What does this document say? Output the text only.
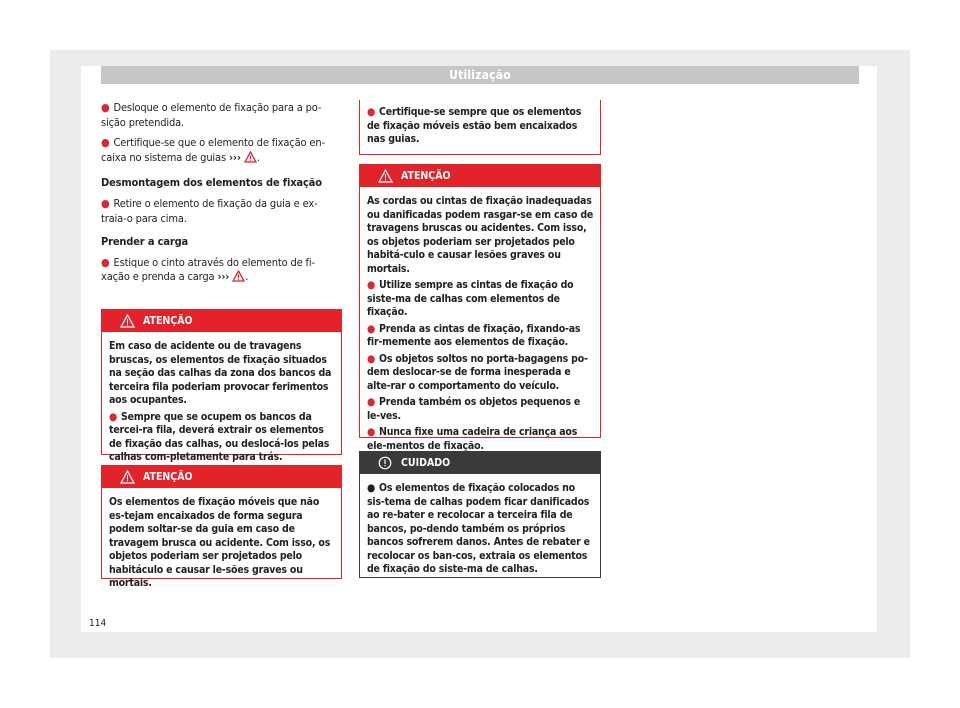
Utilização

● Desloque o elemento de fixação para a po-

sição pretendida.

● Certifique-se que o elemento de fixação en-

caixa no sistema de guias ››› .

Desmontagem dos elementos de fixação

● Retire o elemento de fixação da guia e ex-

traia-o para cima.

Prender a carga

● Estique o cinto através do elemento de fi-

xação e prenda a carga ››› .

ATENÇÃO

Em caso de acidente ou de travagens bruscas, os elementos de fixação situados na seção das calhas da zona dos bancos da terceira fila poderiam provocar ferimentos aos ocupantes.

● Sempre que se ocupem os bancos da tercei-ra fila, deverá extrair os elementos de fixação das calhas, ou deslocá-los pelas calhas com-pletamente para trás.

ATENÇÃO

Os elementos de fixação móveis que não es-tejam encaixados de forma segura podem soltar-se da guia em caso de travagem brusca ou acidente. Com isso, os objetos poderiam ser projetados pelo habitáculo e causar le-sões graves ou mortais.

● Certifique-se sempre que os elementos de fixação móveis estão bem encaixados nas guias.

ATENÇÃO

As cordas ou cintas de fixação inadequadas ou danificadas podem rasgar-se em caso de travagens bruscas ou acidentes. Com isso, os objetos poderiam ser projetados pelo habitá-culo e causar lesões graves ou mortais.

● Utilize sempre as cintas de fixação do siste-ma de calhas com elementos de fixação.

● Prenda as cintas de fixação, fixando-as fir-memente aos elementos de fixação.

● Os objetos soltos no porta-bagagens po-dem deslocar-se de forma inesperada e alte-rar o comportamento do veículo.

● Prenda também os objetos pequenos e le-ves.

● Nunca fixe uma cadeira de criança aos ele-mentos de fixação.

CUIDADO

● Os elementos de fixação colocados no sis-tema de calhas podem ficar danificados ao re-bater e recolocar a terceira fila de bancos, po-dendo também os próprios bancos sofrerem danos. Antes de rebater e recolocar os ban-cos, extraia os elementos de fixação do siste-ma de calhas.

114
